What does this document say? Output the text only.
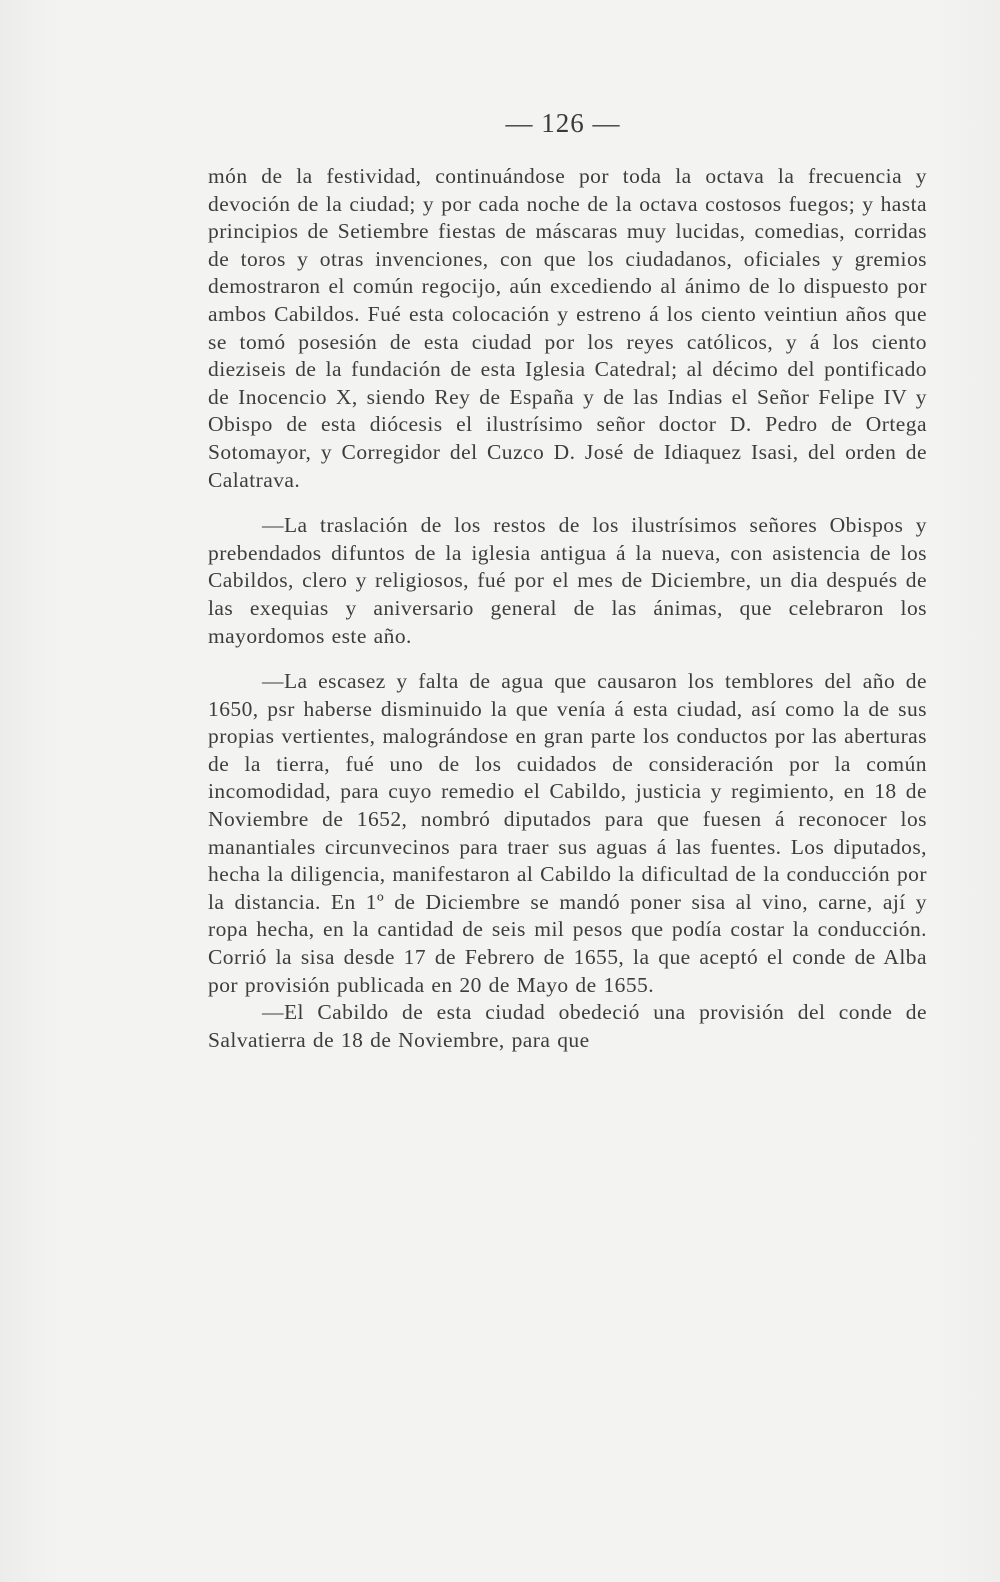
— 126 —

món de la festividad, continuándose por toda la octava la frecuencia y devoción de la ciudad; y por cada noche de la octava costosos fuegos; y hasta principios de Setiembre fiestas de máscaras muy lucidas, comedias, corridas de toros y otras invenciones, con que los ciudadanos, oficiales y gremios demostraron el común regocijo, aún excediendo al ánimo de lo dispuesto por ambos Cabildos. Fué esta colocación y estreno á los ciento veintiun años que se tomó posesión de esta ciudad por los reyes católicos, y á los ciento dieziseis de la fundación de esta Iglesia Catedral; al décimo del pontificado de Inocencio X, siendo Rey de España y de las Indias el Señor Felipe IV y Obispo de esta diócesis el ilustrísimo señor doctor D. Pedro de Ortega Sotomayor, y Corregidor del Cuzco D. José de Idiaquez Isasi, del orden de Calatrava.

—La traslación de los restos de los ilustrísimos señores Obispos y prebendados difuntos de la iglesia antigua á la nueva, con asistencia de los Cabildos, clero y religiosos, fué por el mes de Diciembre, un dia después de las exequias y aniversario general de las ánimas, que celebraron los mayordomos este año.

—La escasez y falta de agua que causaron los temblores del año de 1650, psr haberse disminuido la que venía á esta ciudad, así como la de sus propias vertientes, malográndose en gran parte los conductos por las aberturas de la tierra, fué uno de los cuidados de consideración por la común incomodidad, para cuyo remedio el Cabildo, justicia y regimiento, en 18 de Noviembre de 1652, nombró diputados para que fuesen á reconocer los manantiales circunvecinos para traer sus aguas á las fuentes. Los diputados, hecha la diligencia, manifestaron al Cabildo la dificultad de la conducción por la distancia. En 1º de Diciembre se mandó poner sisa al vino, carne, ají y ropa hecha, en la cantidad de seis mil pesos que podía costar la conducción. Corrió la sisa desde 17 de Febrero de 1655, la que aceptó el conde de Alba por provisión publicada en 20 de Mayo de 1655.

—El Cabildo de esta ciudad obedeció una provisión del conde de Salvatierra de 18 de Noviembre, para que
